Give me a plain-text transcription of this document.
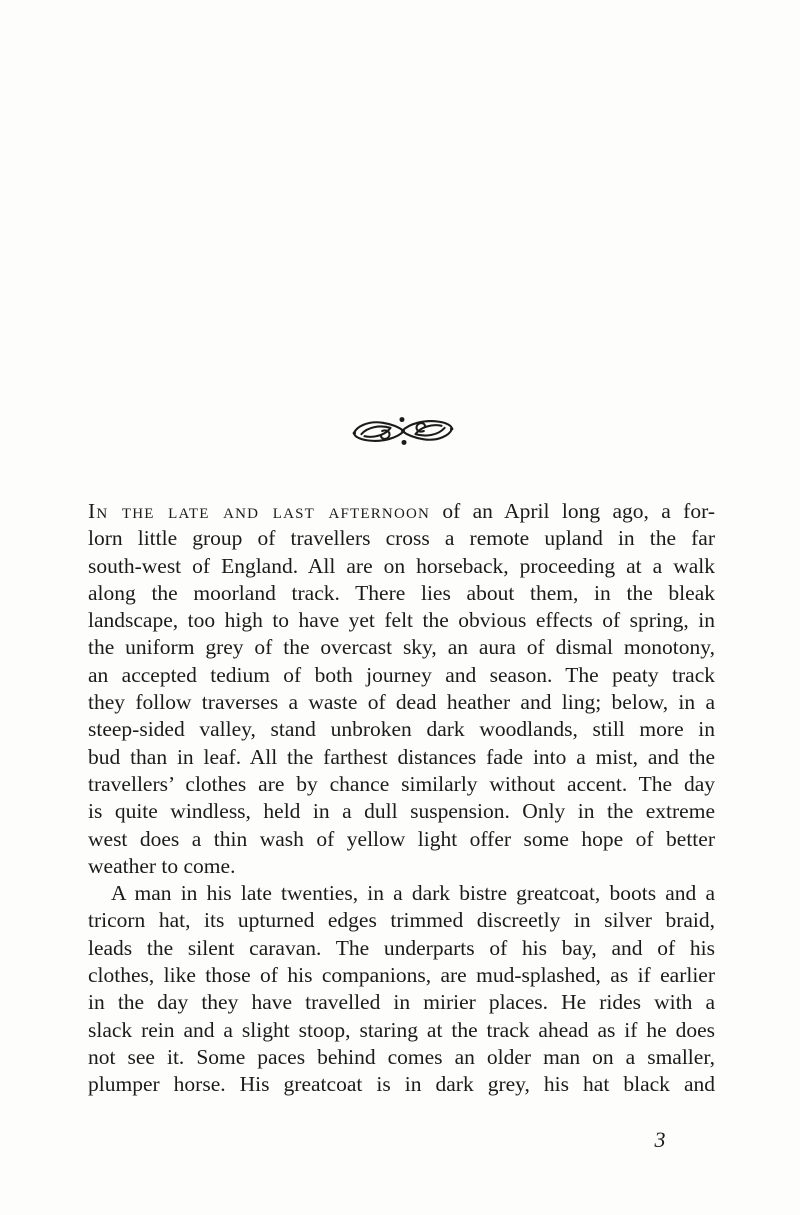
In the late and last afternoon of an April long ago, a for-
lorn little group of travellers cross a remote upland in the far
south-west of England. All are on horseback, proceeding at a walk
along the moorland track. There lies about them, in the bleak
landscape, too high to have yet felt the obvious effects of spring, in
the uniform grey of the overcast sky, an aura of dismal monotony,
an accepted tedium of both journey and season. The peaty track
they follow traverses a waste of dead heather and ling; below, in a
steep-sided valley, stand unbroken dark woodlands, still more in
bud than in leaf. All the farthest distances fade into a mist, and the
travellers’ clothes are by chance similarly without accent. The day
is quite windless, held in a dull suspension. Only in the extreme
west does a thin wash of yellow light offer some hope of better
weather to come.
A man in his late twenties, in a dark bistre greatcoat, boots and a
tricorn hat, its upturned edges trimmed discreetly in silver braid,
leads the silent caravan. The underparts of his bay, and of his
clothes, like those of his companions, are mud-splashed, as if earlier
in the day they have travelled in mirier places. He rides with a
slack rein and a slight stoop, staring at the track ahead as if he does
not see it. Some paces behind comes an older man on a smaller,
plumper horse. His greatcoat is in dark grey, his hat black and
3
